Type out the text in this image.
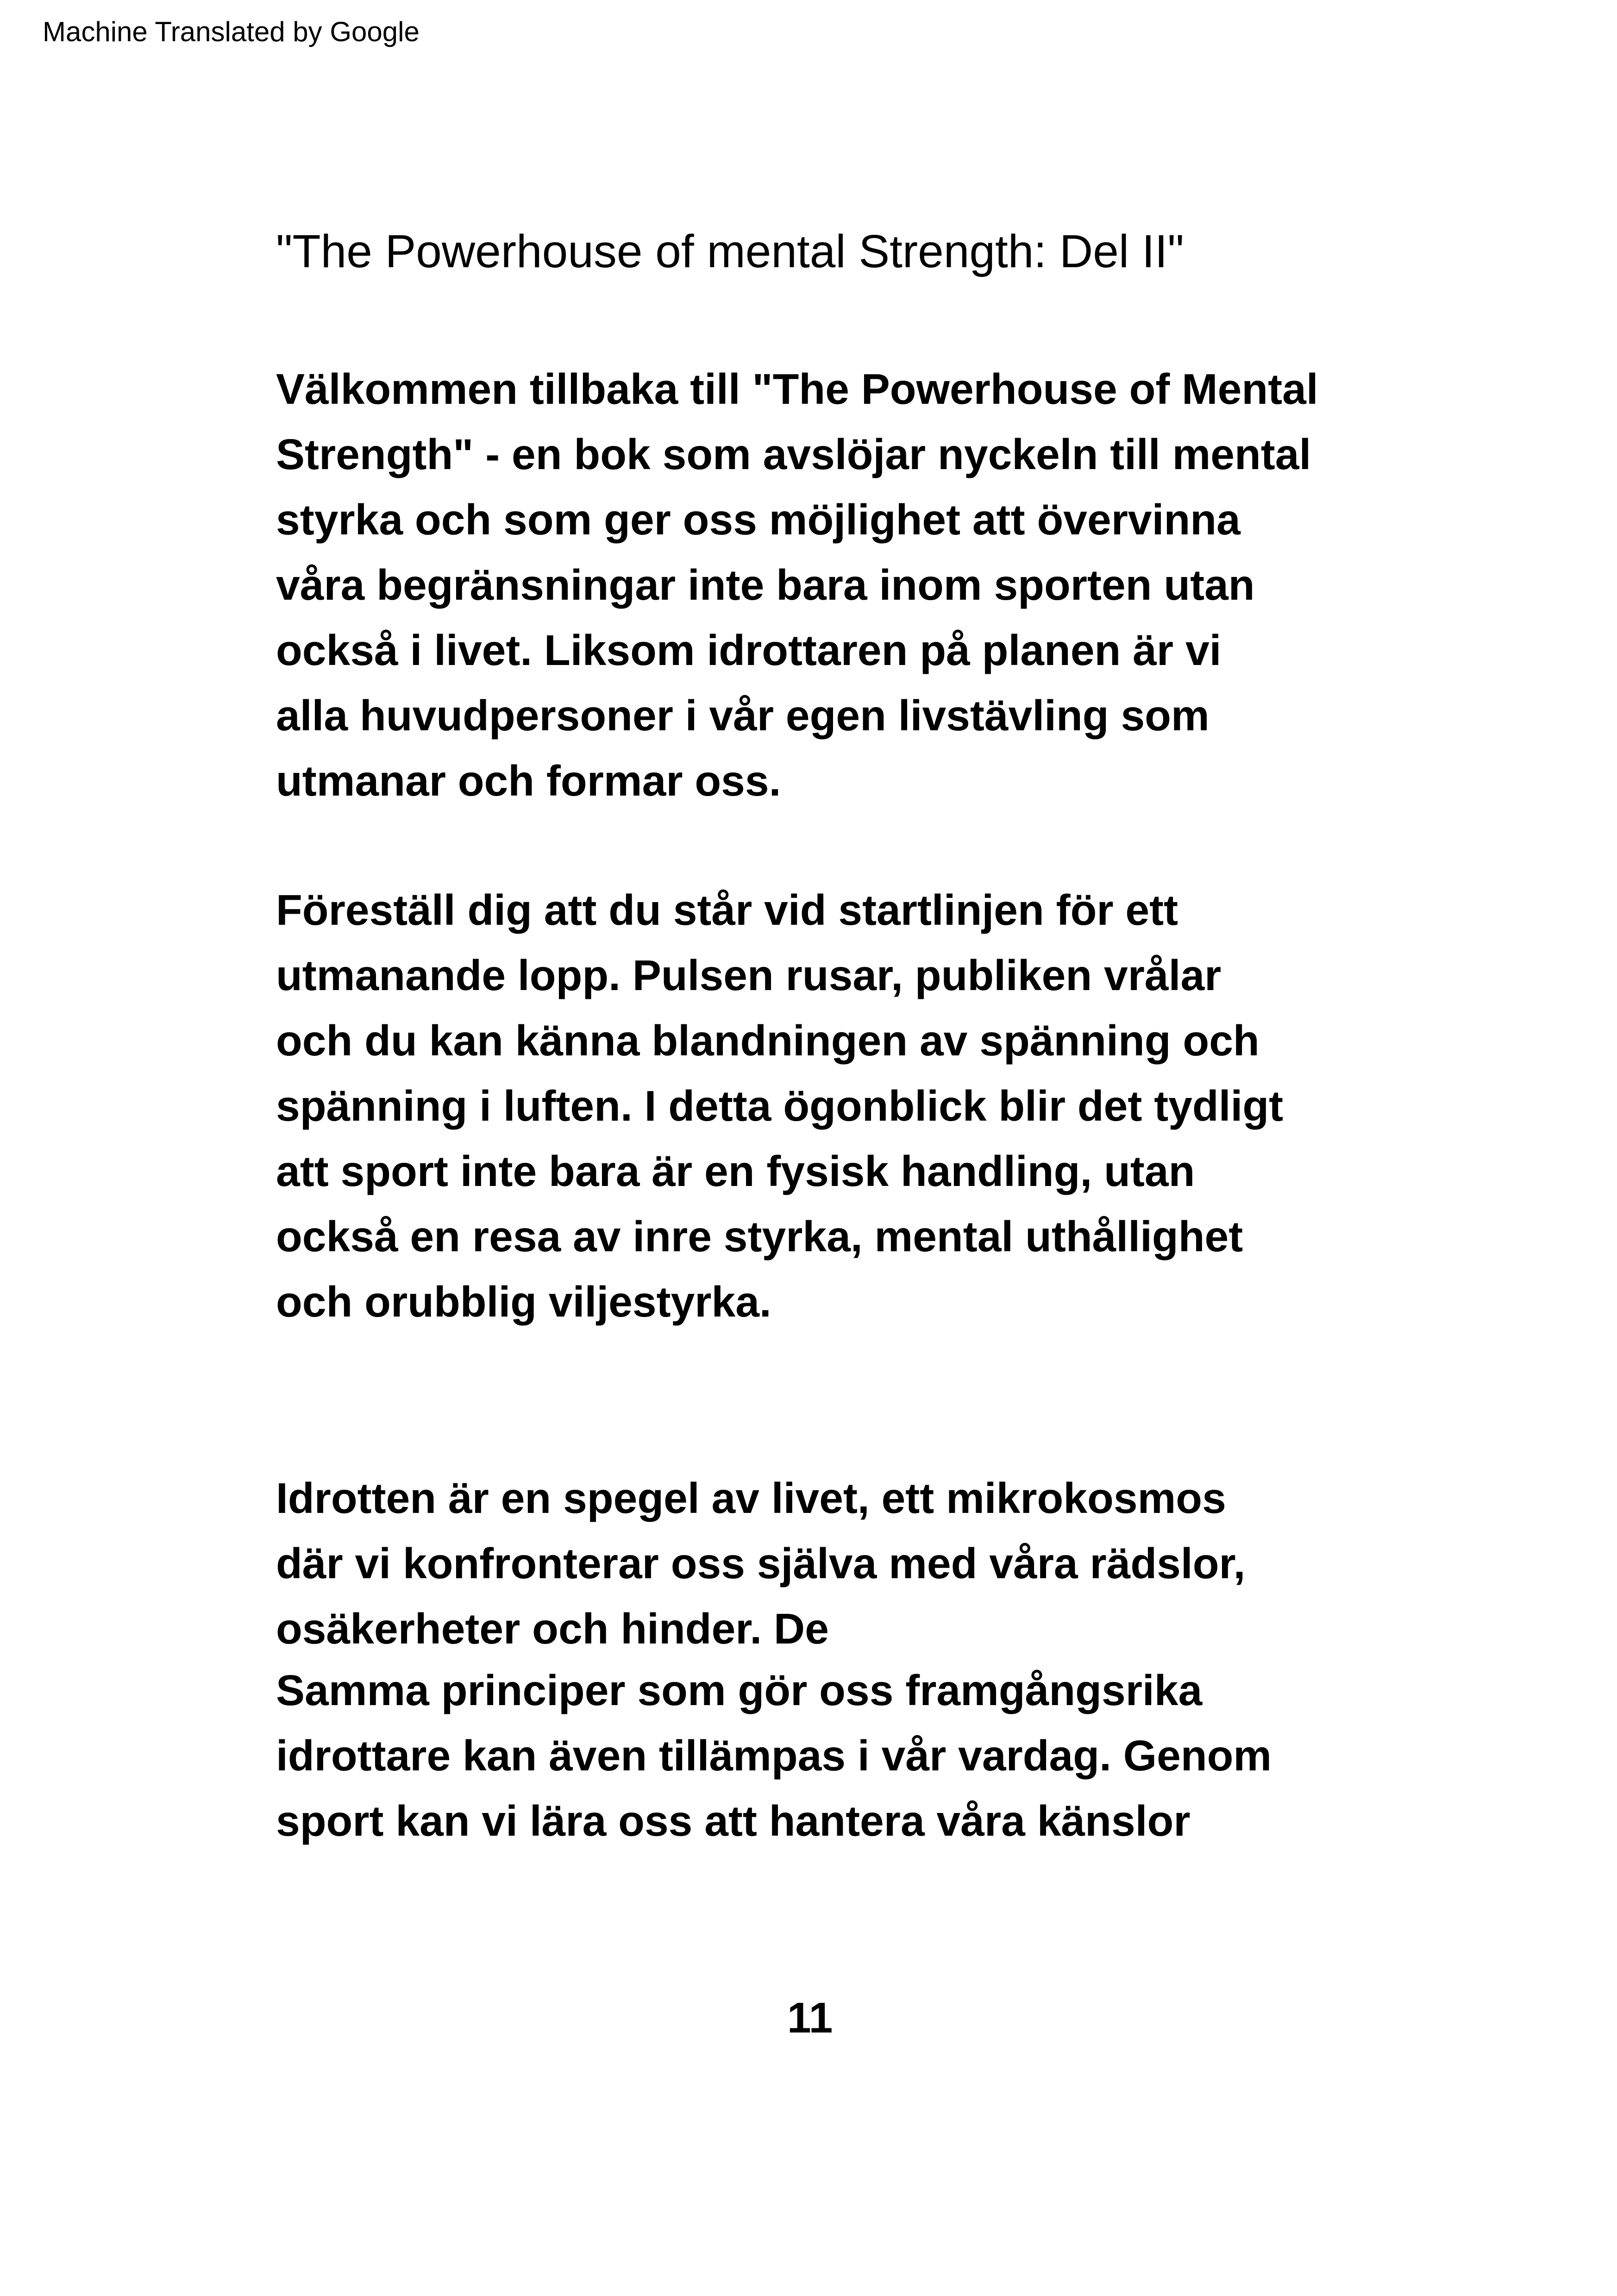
Machine Translated by Google
"The Powerhouse of mental Strength: Del II"

Välkommen tillbaka till "The Powerhouse of Mental
Strength" - en bok som avslöjar nyckeln till mental
styrka och som ger oss möjlighet att övervinna
våra begränsningar inte bara inom sporten utan
också i livet. Liksom idrottaren på planen är vi
alla huvudpersoner i vår egen livstävling som
utmanar och formar oss.

Föreställ dig att du står vid startlinjen för ett
utmanande lopp. Pulsen rusar, publiken vrålar
och du kan känna blandningen av spänning och
spänning i luften. I detta ögonblick blir det tydligt
att sport inte bara är en fysisk handling, utan
också en resa av inre styrka, mental uthållighet
och orubblig viljestyrka.

Idrotten är en spegel av livet, ett mikrokosmos
där vi konfronterar oss själva med våra rädslor,
osäkerheter och hinder. De

Samma principer som gör oss framgångsrika
idrottare kan även tillämpas i vår vardag. Genom
sport kan vi lära oss att hantera våra känslor

11
